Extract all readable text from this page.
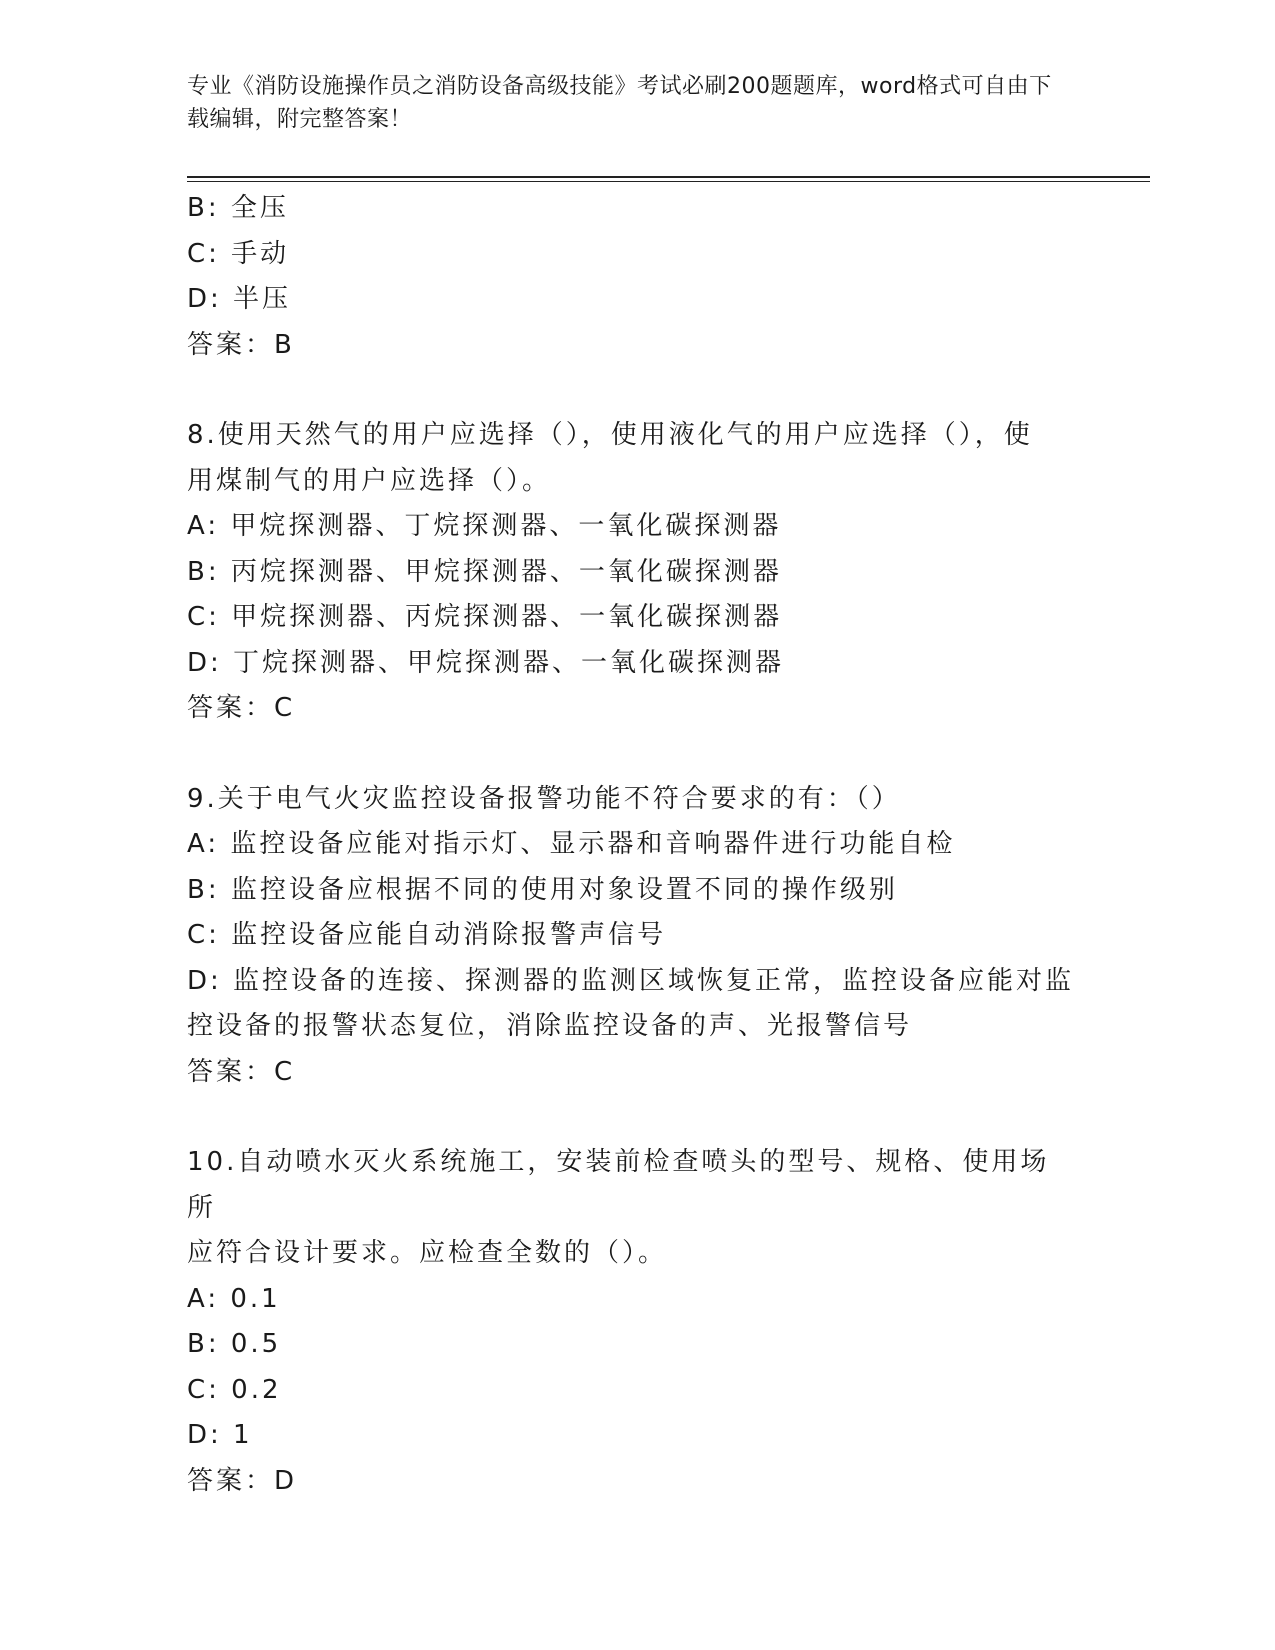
专业《消防设施操作员之消防设备高级技能》考试必刷200题题库，word格式可自由下载编辑，附完整答案！

B: 全压

C: 手动

D: 半压

答案：B

8.使用天然气的用户应选择（），使用液化气的用户应选择（），使

用煤制气的用户应选择（）。

A: 甲烷探测器、丁烷探测器、一氧化碳探测器

B: 丙烷探测器、甲烷探测器、一氧化碳探测器

C: 甲烷探测器、丙烷探测器、一氧化碳探测器

D: 丁烷探测器、甲烷探测器、一氧化碳探测器

答案：C

9.关于电气火灾监控设备报警功能不符合要求的有：（）

A: 监控设备应能对指示灯、显示器和音响器件进行功能自检

B: 监控设备应根据不同的使用对象设置不同的操作级别

C: 监控设备应能自动消除报警声信号

D: 监控设备的连接、探测器的监测区域恢复正常，监控设备应能对监
控设备的报警状态复位，消除监控设备的声、光报警信号

答案：C

10.自动喷水灭火系统施工，安装前检查喷头的型号、规格、使用场所

应符合设计要求。应检查全数的（）。

A: 0.1

B: 0.5

C: 0.2

D: 1

答案：D
